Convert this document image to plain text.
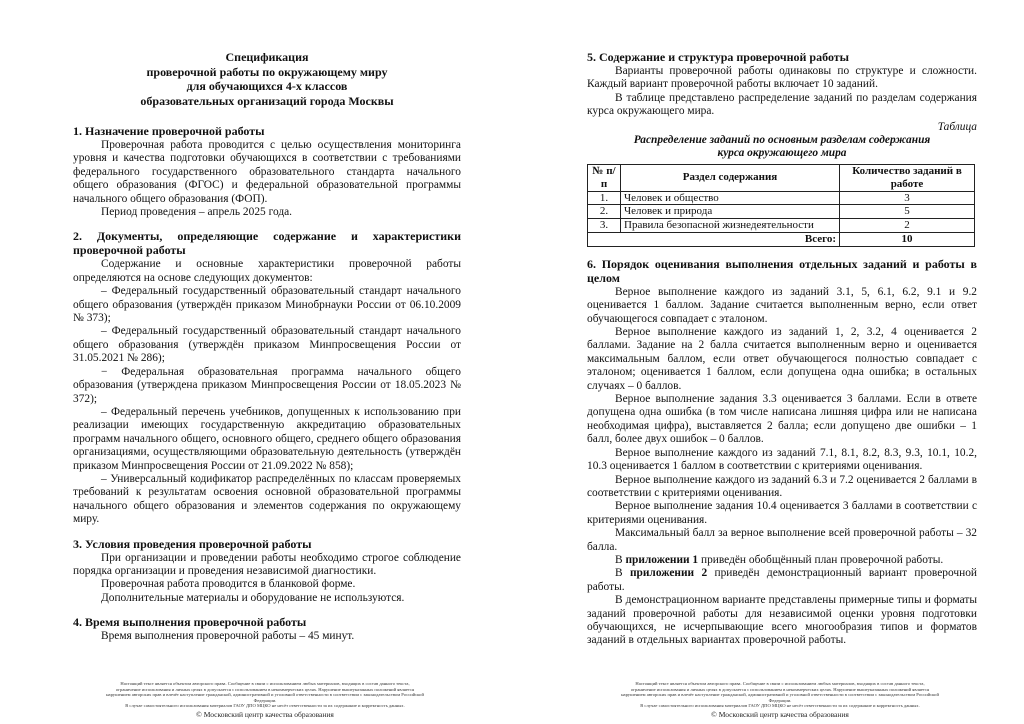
Спецификация
проверочной работы по окружающему миру
для обучающихся 4-х классов
образовательных организаций города Москвы
1. Назначение проверочной работы

Проверочная работа проводится с целью осуществления мониторинга уровня и качества подготовки обучающихся в соответствии с требованиями федерального государственного образовательного стандарта начального общего образования (ФГОС) и федеральной образовательной программы начального общего образования (ФОП).

Период проведения – апрель 2025 года.

2. Документы, определяющие содержание и характеристики проверочной работы

Содержание и основные характеристики проверочной работы определяются на основе следующих документов:

– Федеральный государственный образовательный стандарт начального общего образования (утверждён приказом Минобрнауки России от 06.10.2009 № 373);

– Федеральный государственный образовательный стандарт начального общего образования (утверждён приказом Минпросвещения России от 31.05.2021 № 286);

− Федеральная образовательная программа начального общего образования (утверждена приказом Минпросвещения России от 18.05.2023 № 372);

– Федеральный перечень учебников, допущенных к использованию при реализации имеющих государственную аккредитацию образовательных программ начального общего, основного общего, среднего общего образования организациями, осуществляющими образовательную деятельность (утверждён приказом Минпросвещения России от 21.09.2022 № 858);

– Универсальный кодификатор распределённых по классам проверяемых требований к результатам освоения основной образовательной программы начального общего образования и элементов содержания по окружающему миру.

3. Условия проведения проверочной работы

При организации и проведении работы необходимо строгое соблюдение порядка организации и проведения независимой диагностики.

Проверочная работа проводится в бланковой форме.

Дополнительные материалы и оборудование не используются.

4. Время выполнения проверочной работы

Время выполнения проверочной работы – 45 минут.

Настоящий текст является объектом авторского права. Сообщение в связи с использованием любых материалов, входящих в состав данного текста,
ограничение использования и личных целях в допускается с использованием в некоммерческих целях. Нарушение вышеуказанных положений является
нарушением авторских прав и влечёт наступление гражданской, административной и уголовной ответственности в соответствии с законодательством Российской Федерации.
В случае самостоятельного использования материалов ГАОУ ДПО МЦКО не несёт ответственности за их содержание и корректность данных.
© Московский центр качества образования
5. Содержание и структура проверочной работы

Варианты проверочной работы одинаковы по структуре и сложности. Каждый вариант проверочной работы включает 10 заданий.

В таблице представлено распределение заданий по разделам содержания курса окружающего мира.

Таблица
Распределение заданий по основным разделам содержания
курса окружающего мира
№ п/п	Раздел содержания	Количество заданий в работе
1.	Человек и общество	3
2.	Человек и природа	5
3.	Правила безопасной жизнедеятельности	2
Всего:		10
6. Порядок оценивания выполнения отдельных заданий и работы в целом

Верное выполнение каждого из заданий 3.1, 5, 6.1, 6.2, 9.1 и 9.2 оценивается 1 баллом. Задание считается выполненным верно, если ответ обучающегося совпадает с эталоном.

Верное выполнение каждого из заданий 1, 2, 3.2, 4 оценивается 2 баллами. Задание на 2 балла считается выполненным верно и оценивается максимальным баллом, если ответ обучающегося полностью совпадает с эталоном; оценивается 1 баллом, если допущена одна ошибка; в остальных случаях – 0 баллов.

Верное выполнение задания 3.3 оценивается 3 баллами. Если в ответе допущена одна ошибка (в том числе написана лишняя цифра или не написана необходимая цифра), выставляется 2 балла; если допущено две ошибки – 1 балл, более двух ошибок – 0 баллов.

Верное выполнение каждого из заданий 7.1, 8.1, 8.2, 8.3, 9.3, 10.1, 10.2, 10.3 оценивается 1 баллом в соответствии с критериями оценивания.

Верное выполнение каждого из заданий 6.3 и 7.2 оценивается 2 баллами в соответствии с критериями оценивания.

Верное выполнение задания 10.4 оценивается 3 баллами в соответствии с критериями оценивания.

Максимальный балл за верное выполнение всей проверочной работы – 32 балла.

В приложении 1 приведён обобщённый план проверочной работы.

В приложении 2 приведён демонстрационный вариант проверочной работы.

В демонстрационном варианте представлены примерные типы и форматы заданий проверочной работы для независимой оценки уровня подготовки обучающихся, не исчерпывающие всего многообразия типов и форматов заданий в отдельных вариантах проверочной работы.

Настоящий текст является объектом авторского права. Сообщение в связи с использованием любых материалов, входящих в состав данного текста,
ограничение использования и личных целях в допускается с использованием в некоммерческих целях. Нарушение вышеуказанных положений является
нарушением авторских прав и влечёт наступление гражданской, административной и уголовной ответственности в соответствии с законодательством Российской Федерации.
В случае самостоятельного использования материалов ГАОУ ДПО МЦКО не несёт ответственности за их содержание и корректность данных.
© Московский центр качества образования
